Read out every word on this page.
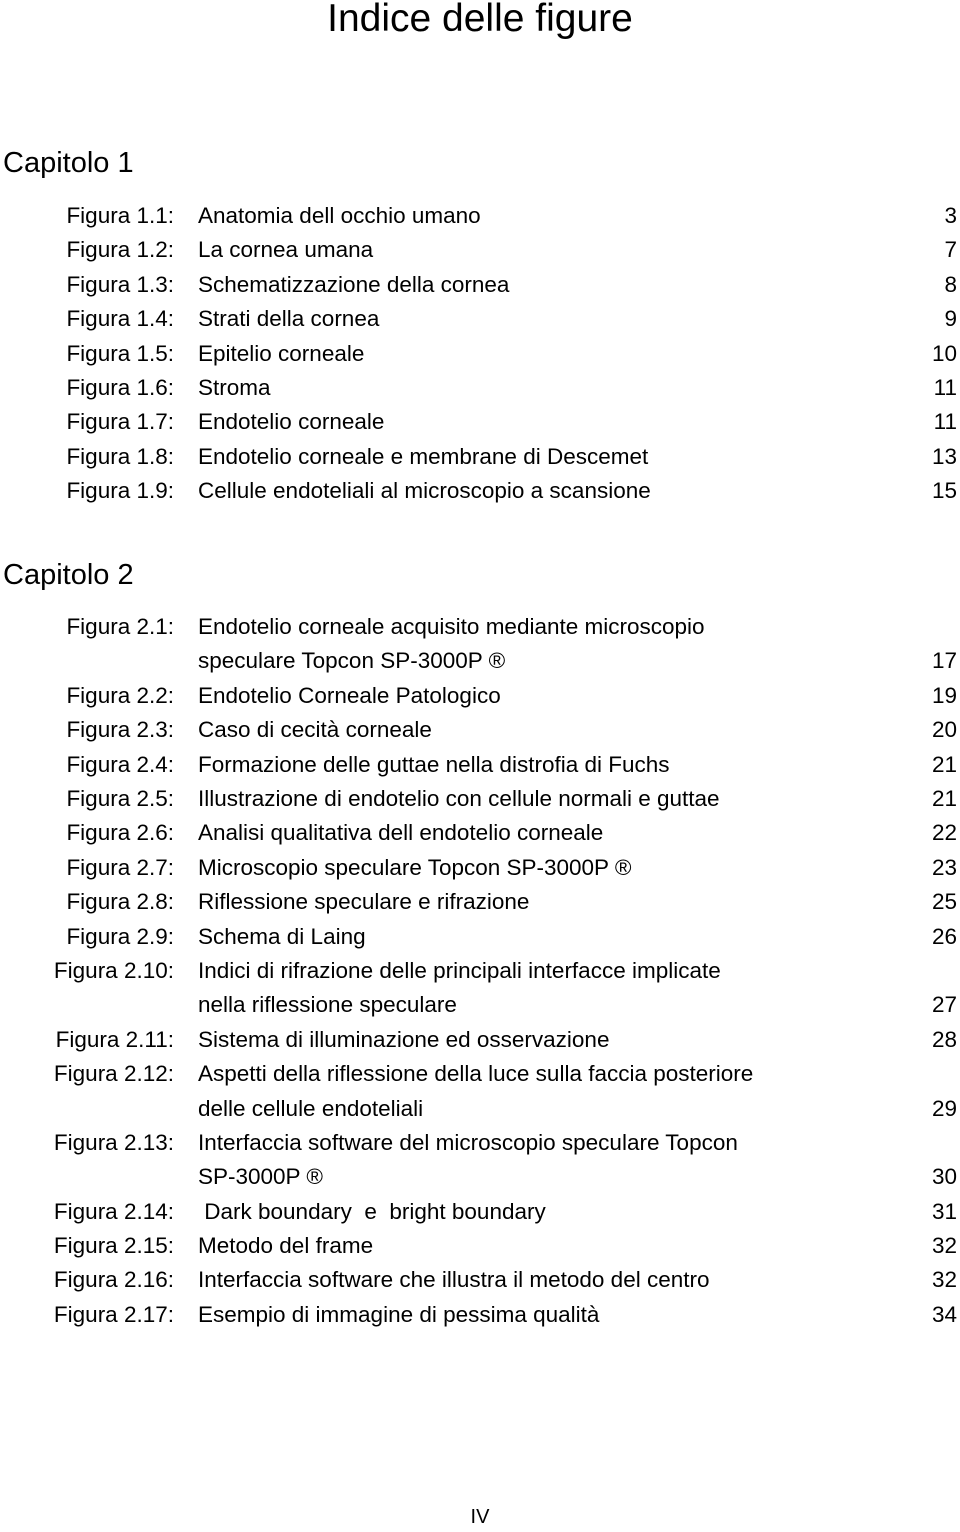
Indice delle figure
Capitolo 1
Figura 1.1: Anatomia dell occhio umano	3
Figura 1.2: La cornea umana	7
Figura 1.3: Schematizzazione della cornea	8
Figura 1.4: Strati della cornea	9
Figura 1.5: Epitelio corneale	10
Figura 1.6: Stroma	11
Figura 1.7: Endotelio corneale	11
Figura 1.8: Endotelio corneale e membrane di Descemet	13
Figura 1.9: Cellule endoteliali al microscopio a scansione	15
Capitolo 2
Figura 2.1: Endotelio corneale acquisito mediante microscopio
speculare Topcon SP-3000P ®	17
Figura 2.2: Endotelio Corneale Patologico	19
Figura 2.3: Caso di cecità corneale	20
Figura 2.4: Formazione delle guttae nella distrofia di Fuchs	21
Figura 2.5: Illustrazione di endotelio con cellule normali e guttae	21
Figura 2.6: Analisi qualitativa dell endotelio corneale	22
Figura 2.7: Microscopio speculare Topcon SP-3000P ®	23
Figura 2.8: Riflessione speculare e rifrazione	25
Figura 2.9: Schema di Laing	26
Figura 2.10: Indici di rifrazione delle principali interfacce implicate
nella riflessione speculare	27
Figura 2.11: Sistema di illuminazione ed osservazione	28
Figura 2.12: Aspetti della riflessione della luce sulla faccia posteriore
delle cellule endoteliali	29
Figura 2.13: Interfaccia software del microscopio speculare Topcon
SP-3000P ®	30
Figura 2.14: Dark boundary  e  bright boundary	31
Figura 2.15: Metodo del frame	32
Figura 2.16: Interfaccia software che illustra il metodo del centro	32
Figura 2.17: Esempio di immagine di pessima qualità	34
IV
